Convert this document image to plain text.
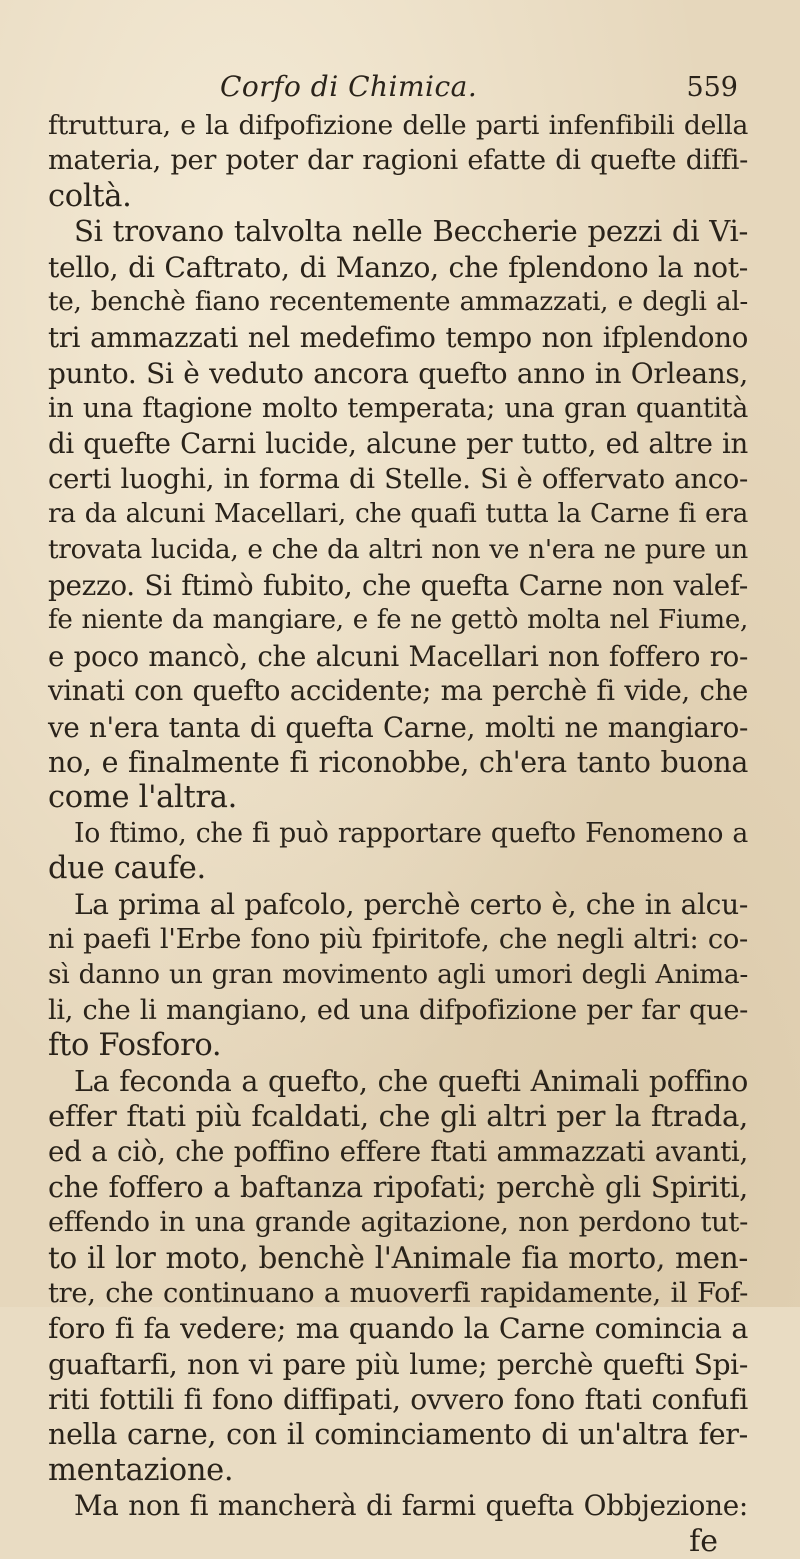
Corfo di Chimica.	559
ftruttura, e la difpofizione delle parti infenfibili della
materia, per poter dar ragioni efatte di quefte diffi-
coltà.
Si trovano talvolta nelle Beccherie pezzi di Vi-
tello, di Caftrato, di Manzo, che fplendono la not-
te, benchè fiano recentemente ammazzati, e degli al-
tri ammazzati nel medefimo tempo non ifplendono
punto. Si è veduto ancora quefto anno in Orleans,
in una ftagione molto temperata; una gran quantità
di quefte Carni lucide, alcune per tutto, ed altre in
certi luoghi, in forma di Stelle. Si è offervato anco-
ra da alcuni Macellari, che quafi tutta la Carne fi era
trovata lucida, e che da altri non ve n'era ne pure un
pezzo. Si ftimò fubito, che quefta Carne non valef-
fe niente da mangiare, e fe ne gettò molta nel Fiume,
e poco mancò, che alcuni Macellari non foffero ro-
vinati con quefto accidente; ma perchè fi vide, che
ve n'era tanta di quefta Carne, molti ne mangiaro-
no, e finalmente fi riconobbe, ch'era tanto buona
come l'altra.
Io ftimo, che fi può rapportare quefto Fenomeno a
due caufe.
La prima al pafcolo, perchè certo è, che in alcu-
ni paefi l'Erbe fono più fpiritofe, che negli altri: co-
sì danno un gran movimento agli umori degli Anima-
li, che li mangiano, ed una difpofizione per far que-
fto Fosforo.
La feconda a quefto, che quefti Animali poffino
effer ftati più fcaldati, che gli altri per la ftrada,
ed a ciò, che poffino effere ftati ammazzati avanti,
che foffero a baftanza ripofati; perchè gli Spiriti,
effendo in una grande agitazione, non perdono tut-
to il lor moto, benchè l'Animale fia morto, men-
tre, che continuano a muoverfi rapidamente, il Fof-
foro fi fa vedere; ma quando la Carne comincia a
guaftarfi, non vi pare più lume; perchè quefti Spi-
riti fottili fi fono diffipati, ovvero fono ftati confufi
nella carne, con il cominciamento di un'altra fer-
mentazione.
Ma non fi mancherà di farmi quefta Obbjezione:
fe
